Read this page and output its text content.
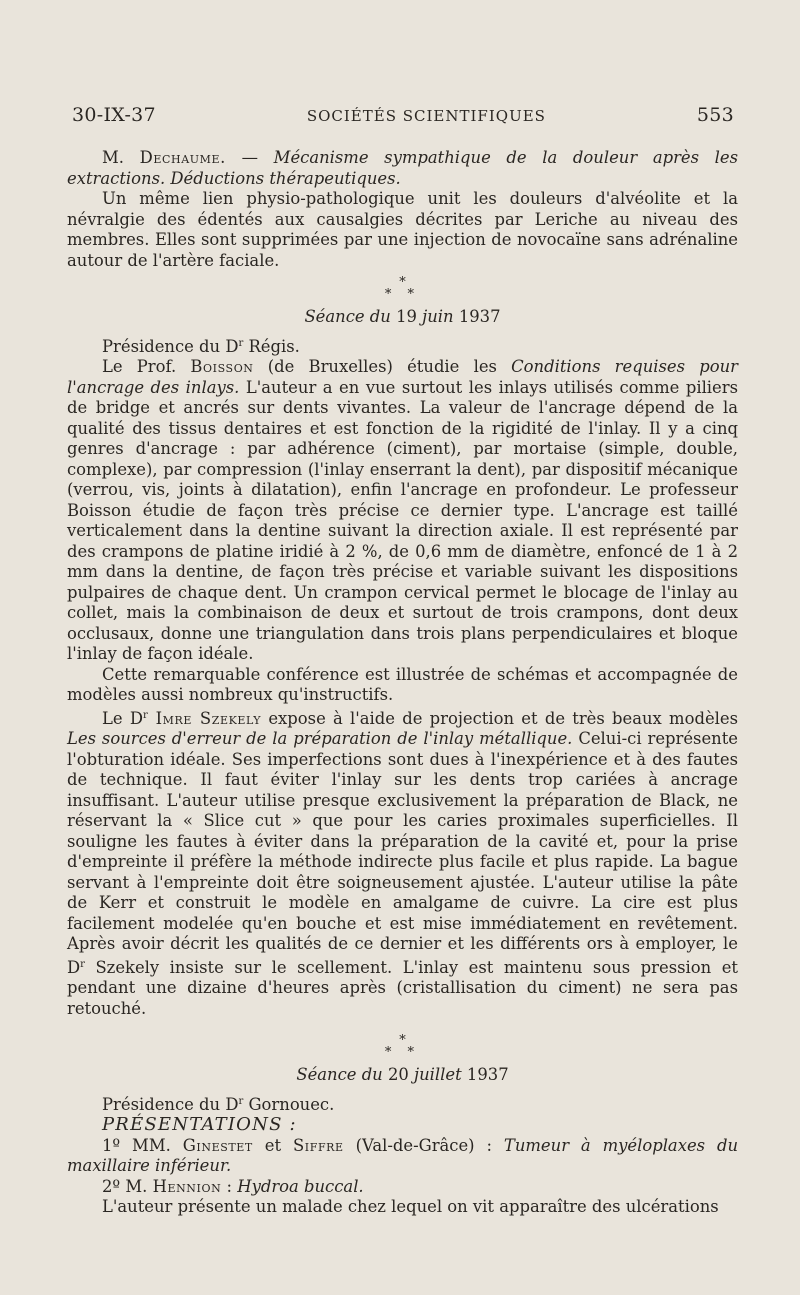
30-IX-37	SOCIÉTÉS SCIENTIFIQUES	553

M. Dechaume. — Mécanisme sympathique de la douleur après les extractions. Déductions thérapeutiques.

Un même lien physio-pathologique unit les douleurs d'alvéolite et la névralgie des édentés aux causalgies décrites par Leriche au niveau des membres. Elles sont supprimées par une injection de novocaïne sans adrénaline autour de l'artère faciale.

*
* *
Séance du 19 juin 1937

Présidence du $D^r$ Régis.

Le Prof. Boisson (de Bruxelles) étudie les Conditions requises pour l'ancrage des inlays. L'auteur a en vue surtout les inlays utilisés comme piliers de bridge et ancrés sur dents vivantes. La valeur de l'ancrage dépend de la qualité des tissus dentaires et est fonction de la rigidité de l'inlay. Il y a cinq genres d'ancrage : par adhérence (ciment), par mortaise (simple, double, complexe), par compression (l'inlay enserrant la dent), par dispositif mécanique (verrou, vis, joints à dilatation), enfin l'ancrage en profondeur. Le professeur Boisson étudie de façon très précise ce dernier type. L'ancrage est taillé verticalement dans la dentine suivant la direction axiale. Il est représenté par des crampons de platine iridié à 2 %, de 0,6 mm de diamètre, enfoncé de 1 à 2 mm dans la dentine, de façon très précise et variable suivant les dispositions pulpaires de chaque dent. Un crampon cervical permet le blocage de l'inlay au collet, mais la combinaison de deux et surtout de trois crampons, dont deux occlusaux, donne une triangulation dans trois plans perpendiculaires et bloque l'inlay de façon idéale.

Cette remarquable conférence est illustrée de schémas et accompagnée de modèles aussi nombreux qu'instructifs.

Le $D^r$ Imre Szekely expose à l'aide de projection et de très beaux modèles Les sources d'erreur de la préparation de l'inlay métallique. Celui-ci représente l'obturation idéale. Ses imperfections sont dues à l'inexpérience et à des fautes de technique. Il faut éviter l'inlay sur les dents trop cariées à ancrage insuffisant. L'auteur utilise presque exclusivement la préparation de Black, ne réservant la « Slice cut » que pour les caries proximales superficielles. Il souligne les fautes à éviter dans la préparation de la cavité et, pour la prise d'empreinte il préfère la méthode indirecte plus facile et plus rapide. La bague servant à l'empreinte doit être soigneusement ajustée. L'auteur utilise la pâte de Kerr et construit le modèle en amalgame de cuivre. La cire est plus facilement modelée qu'en bouche et est mise immédiatement en revêtement. Après avoir décrit les qualités de ce dernier et les différents ors à employer, le $D^r$ Szekely insiste sur le scellement. L'inlay est maintenu sous pression et pendant une dizaine d'heures après (cristallisation du ciment) ne sera pas retouché.

*
* *
Séance du 20 juillet 1937

Présidence du $D^r$ Gornouec.

PRÉSENTATIONS :

1º MM. Ginestet et Siffre (Val-de-Grâce) : Tumeur à myéloplaxes du maxillaire inférieur.

2º M. Hennion : Hydroa buccal.

L'auteur présente un malade chez lequel on vit apparaître des ulcérations
